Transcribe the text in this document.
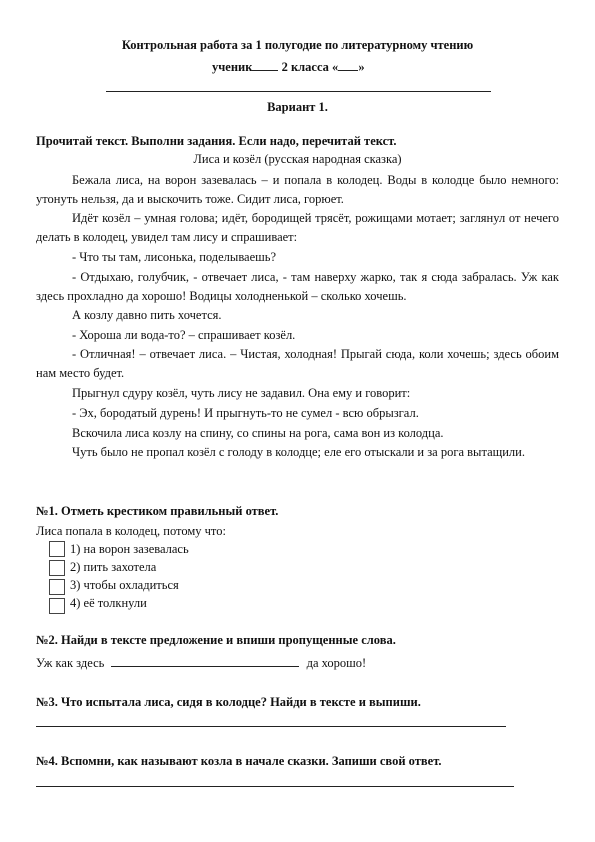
Контрольная работа за 1 полугодие по литературному чтению
ученик 2 класса « »
Вариант 1.
Прочитай текст. Выполни задания. Если надо, перечитай текст.
Лиса и козёл (русская народная сказка)
Бежала лиса, на ворон зазевалась – и попала в колодец. Воды в колодце было немного: утонуть нельзя, да и выскочить тоже. Сидит лиса, горюет.
Идёт козёл – умная голова; идёт, бородищей трясёт, рожищами мотает; заглянул от нечего делать в колодец, увидел там лису и спрашивает:
- Что ты там, лисонька, поделываешь?
- Отдыхаю, голубчик, - отвечает лиса, - там наверху жарко, так я сюда забралась. Уж как здесь прохладно да хорошо! Водицы холодненькой – сколько хочешь.
А козлу давно пить хочется.
- Хороша ли вода-то? – спрашивает козёл.
- Отличная! – отвечает лиса. – Чистая, холодная! Прыгай сюда, коли хочешь; здесь обоим нам место будет.
Прыгнул сдуру козёл, чуть лису не задавил. Она ему и говорит:
- Эх, бородатый дурень! И прыгнуть-то не сумел - всю обрызгал.
Вскочила лиса козлу на спину, со спины на рога, сама вон из колодца.
Чуть было не пропал козёл с голоду в колодце; еле его отыскали и за рога вытащили.
№1. Отметь крестиком правильный ответ.
Лиса попала в колодец, потому что:
1) на ворон зазевалась
2) пить захотела
3) чтобы охладиться
4) её толкнули
№2. Найди в тексте предложение и впиши пропущенные слова.
Уж как здесь	да хорошо!
№3. Что испытала лиса, сидя в колодце? Найди в тексте и выпиши.
№4. Вспомни, как называют козла в начале сказки. Запиши свой ответ.
